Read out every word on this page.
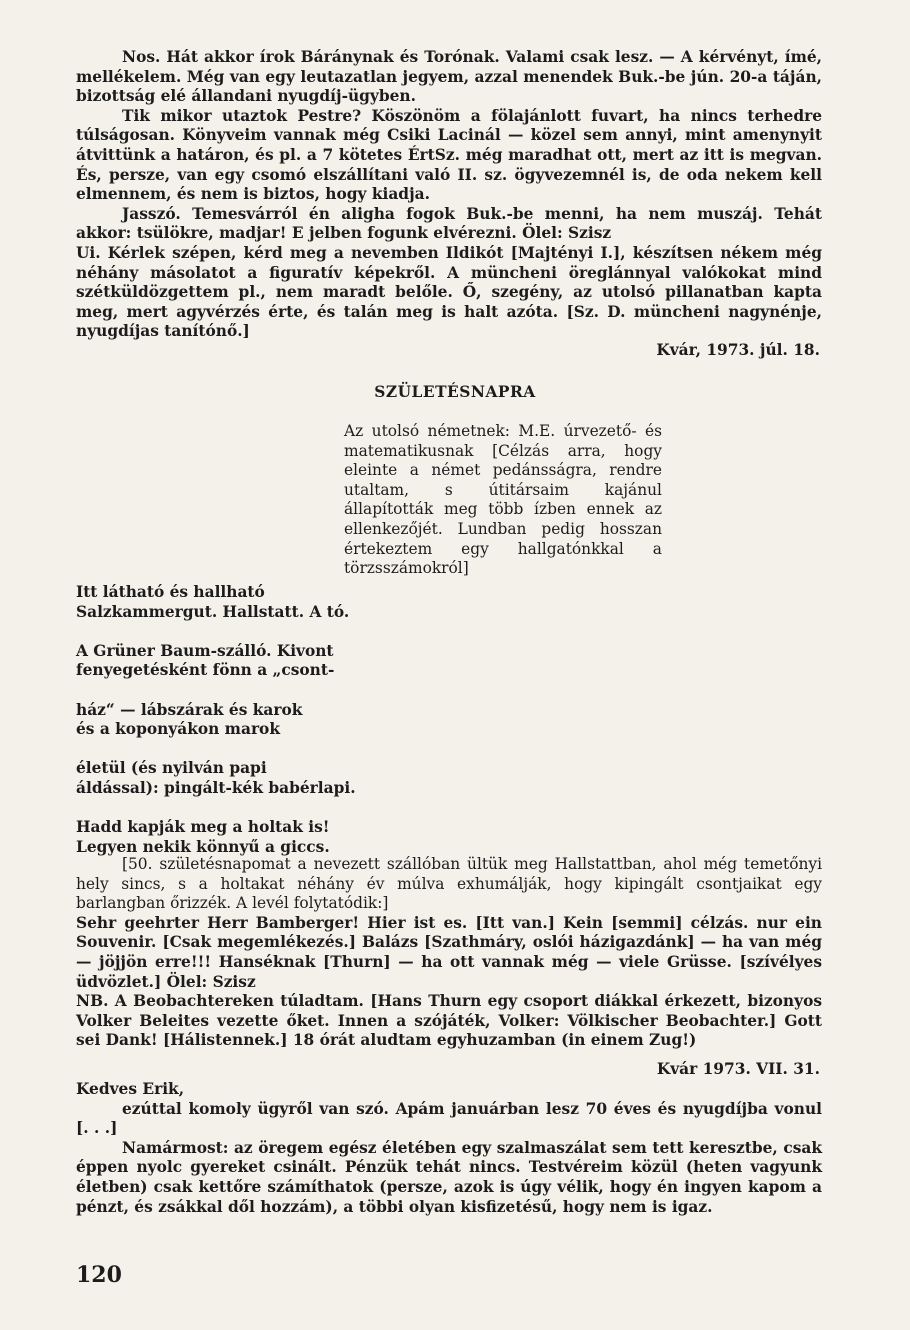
Nos. Hát akkor írok Báránynak és Torónak. Valami csak lesz. — A kérvényt, ímé, mellékelem. Még van egy leutazatlan jegyem, azzal menendek Buk.-be jún. 20-a táján, bizottság elé állandani nyugdíj-ügyben.

Tik mikor utaztok Pestre? Köszönöm a fölajánlott fuvart, ha nincs terhedre túlságosan. Könyveim vannak még Csiki Lacinál — közel sem annyi, mint amenynyit átvittünk a határon, és pl. a 7 kötetes ÉrtSz. még maradhat ott, mert az itt is megvan. És, persze, van egy csomó elszállítani való II. sz. ögyvezemnél is, de oda nekem kell elmennem, és nem is biztos, hogy kiadja.

Jasszó. Temesvárról én aligha fogok Buk.-be menni, ha nem muszáj. Tehát akkor: tsülökre, madjar! E jelben fogunk elvérezni. Ölel: Szisz

Ui. Kérlek szépen, kérd meg a nevemben Ildikót [Majtényi I.], készítsen nékem még néhány másolatot a figuratív képekről. A müncheni öreglánnyal valókokat mind szétküldözgettem pl., nem maradt belőle. Ő, szegény, az utolsó pillanatban kapta meg, mert agyvérzés érte, és talán meg is halt azóta. [Sz. D. müncheni nagynénje, nyugdíjas tanítónő.]

Kvár, 1973. júl. 18.
SZÜLETÉSNAPRA
Az utolsó németnek: M.E. úrvezető- és matematikusnak [Célzás arra, hogy eleinte a német pedánsságra, rendre utaltam, s útitársaim kajánul állapították meg több ízben ennek az ellenkezőjét. Lundban pedig hosszan értekeztem egy hallgatónkkal a törzsszámokról]

Itt látható és hallható

Salzkammergut. Hallstatt. A tó.

A Grüner Baum-szálló. Kivont

fenyegetésként fönn a „csont-

ház“ — lábszárak és karok

és a koponyákon marok

életül (és nyilván papi

áldással): pingált-kék babérlapi.

Hadd kapják meg a holtak is!

Legyen nekik könnyű a giccs.

[50. születésnapomat a nevezett szállóban ültük meg Hallstattban, ahol még temetőnyi hely sincs, s a holtakat néhány év múlva exhumálják, hogy kipingált csontjaikat egy barlangban őrizzék. A levél folytatódik:]

Sehr geehrter Herr Bamberger! Hier ist es. [Itt van.] Kein [semmi] célzás. nur ein Souvenir. [Csak megemlékezés.] Balázs [Szathmáry, oslói házigazdánk] — ha van még — jöjjön erre!!! Hanséknak [Thurn] — ha ott vannak még — viele Grüsse. [szívélyes üdvözlet.] Ölel: Szisz

NB. A Beobachtereken túladtam. [Hans Thurn egy csoport diákkal érkezett, bizonyos Volker Beleites vezette őket. Innen a szójáték, Volker: Völkischer Beobachter.] Gott sei Dank! [Hálistennek.] 18 órát aludtam egyhuzamban (in einem Zug!)

Kvár 1973. VII. 31.

Kedves Erik,

ezúttal komoly ügyről van szó. Apám januárban lesz 70 éves és nyugdíjba vonul [. . .]

Namármost: az öregem egész életében egy szalmaszálat sem tett keresztbe, csak éppen nyolc gyereket csinált. Pénzük tehát nincs. Testvéreim közül (heten vagyunk életben) csak kettőre számíthatok (persze, azok is úgy vélik, hogy én ingyen kapom a pénzt, és zsákkal dől hozzám), a többi olyan kisfizetésű, hogy nem is igaz.

120
